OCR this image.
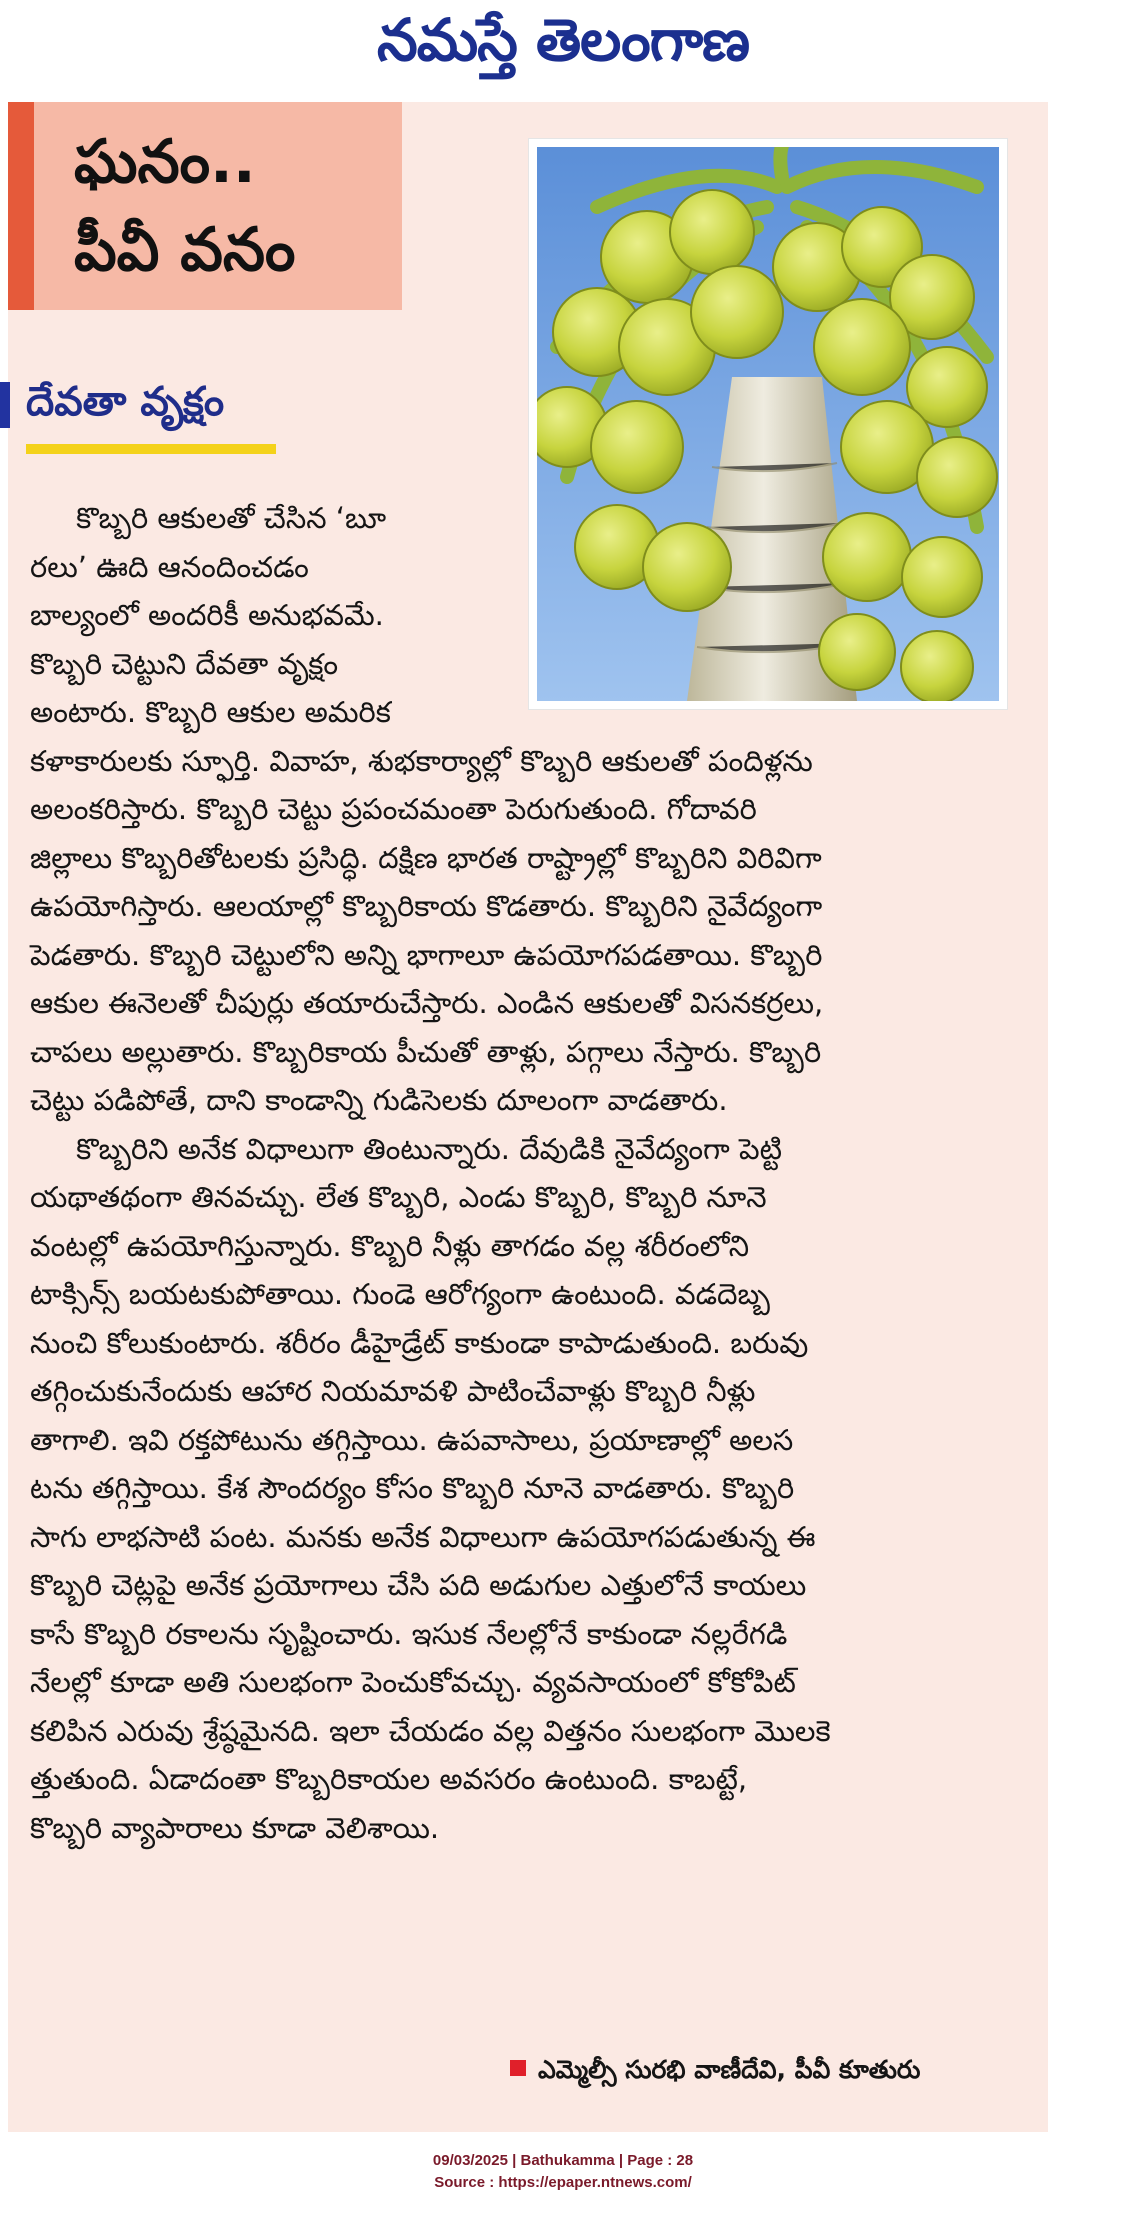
నమస్తే తెలంగాణ
ఘనం..
పీవీ వనం
దేవతా వృక్షం
ఎమ్మెల్సీ సురభి వాణీదేవి, పీవీ కూతురు
09/03/2025 | Bathukamma | Page : 28
Source : https://epaper.ntnews.com/
కొబ్బరి ఆకులతో చేసిన ‘బూ
రలు’ ఊది ఆనందించడం
బాల్యంలో అందరికీ అనుభవమే.
కొబ్బరి చెట్టుని దేవతా వృక్షం
అంటారు. కొబ్బరి ఆకుల అమరిక
కళాకారులకు స్ఫూర్తి. వివాహ, శుభకార్యాల్లో కొబ్బరి ఆకులతో పందిళ్లను
అలంకరిస్తారు. కొబ్బరి చెట్టు ప్రపంచమంతా పెరుగుతుంది. గోదావరి
జిల్లాలు కొబ్బరితోటలకు ప్రసిద్ధి. దక్షిణ భారత రాష్ట్రాల్లో కొబ్బరిని విరివిగా
ఉపయోగిస్తారు. ఆలయాల్లో కొబ్బరికాయ కొడతారు. కొబ్బరిని నైవేద్యంగా
పెడతారు. కొబ్బరి చెట్టులోని అన్ని భాగాలూ ఉపయోగపడతాయి. కొబ్బరి
ఆకుల ఈనెలతో చీపుర్లు తయారుచేస్తారు. ఎండిన ఆకులతో విసనకర్రలు,
చాపలు అల్లుతారు. కొబ్బరికాయ పీచుతో తాళ్లు, పగ్గాలు నేస్తారు. కొబ్బరి
చెట్టు పడిపోతే, దాని కాండాన్ని గుడిసెలకు దూలంగా వాడతారు.
కొబ్బరిని అనేక విధాలుగా తింటున్నారు. దేవుడికి నైవేద్యంగా పెట్టి
యథాతథంగా తినవచ్చు. లేత కొబ్బరి, ఎండు కొబ్బరి, కొబ్బరి నూనె
వంటల్లో ఉపయోగిస్తున్నారు. కొబ్బరి నీళ్లు తాగడం వల్ల శరీరంలోని
టాక్సిన్స్ బయటకుపోతాయి. గుండె ఆరోగ్యంగా ఉంటుంది. వడదెబ్బ
నుంచి కోలుకుంటారు. శరీరం డీహైడ్రేట్ కాకుండా కాపాడుతుంది. బరువు
తగ్గించుకునేందుకు ఆహార నియమావళి పాటించేవాళ్లు కొబ్బరి నీళ్లు
తాగాలి. ఇవి రక్తపోటును తగ్గిస్తాయి. ఉపవాసాలు, ప్రయాణాల్లో అలస
టను తగ్గిస్తాయి. కేశ సౌందర్యం కోసం కొబ్బరి నూనె వాడతారు. కొబ్బరి
సాగు లాభసాటి పంట. మనకు అనేక విధాలుగా ఉపయోగపడుతున్న ఈ
కొబ్బరి చెట్లపై అనేక ప్రయోగాలు చేసి పది అడుగుల ఎత్తులోనే కాయలు
కాసే కొబ్బరి రకాలను సృష్టించారు. ఇసుక నేలల్లోనే కాకుండా నల్లరేగడి
నేలల్లో కూడా అతి సులభంగా పెంచుకోవచ్చు. వ్యవసాయంలో కోకోపిట్
కలిపిన ఎరువు శ్రేష్ఠమైనది. ఇలా చేయడం వల్ల విత్తనం సులభంగా మొలకె
త్తుతుంది. ఏడాదంతా కొబ్బరికాయల అవసరం ఉంటుంది. కాబట్టే,
కొబ్బరి వ్యాపారాలు కూడా వెలిశాయి.
